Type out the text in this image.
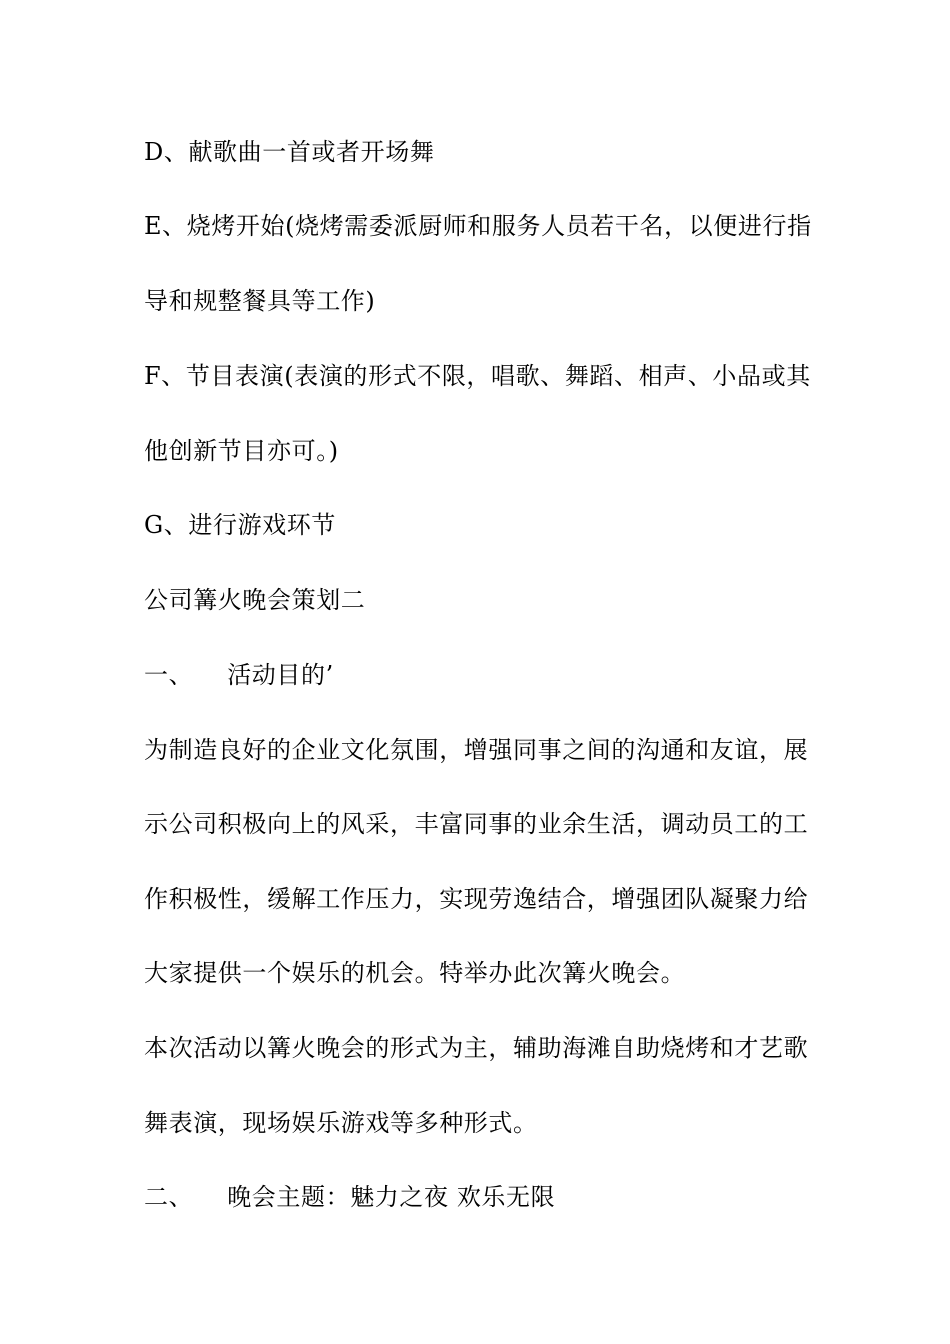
D、献歌曲一首或者开场舞
E、烧烤开始(烧烤需委派厨师和服务人员若干名，以便进行指
导和规整餐具等工作)
F、节目表演(表演的形式不限，唱歌、舞蹈、相声、小品或其
他创新节目亦可。)
G、进行游戏环节
公司篝火晚会策划二
一、 活动目的’
为制造良好的企业文化氛围，增强同事之间的沟通和友谊，展
示公司积极向上的风采，丰富同事的业余生活，调动员工的工
作积极性，缓解工作压力，实现劳逸结合，增强团队凝聚力给
大家提供一个娱乐的机会。特举办此次篝火晚会。
本次活动以篝火晚会的形式为主，辅助海滩自助烧烤和才艺歌
舞表演，现场娱乐游戏等多种形式。
二、 晚会主题：魅力之夜 欢乐无限
